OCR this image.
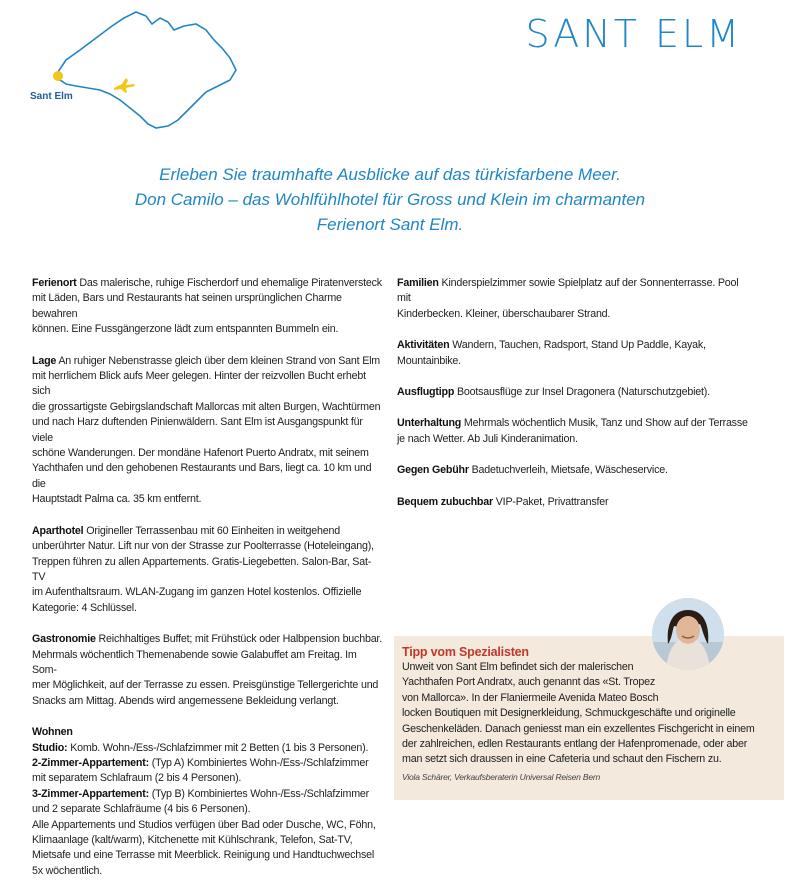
Sant Elm
SANT ELM
Erleben Sie traumhafte Ausblicke auf das türkisfarbene Meer.
Don Camilo – das Wohlfühlhotel für Gross und Klein im charmanten
Ferienort Sant Elm.
Ferienort Das malerische, ruhige Fischerdorf und ehemalige Piratenversteck
mit Läden, Bars und Restaurants hat seinen ursprünglichen Charme bewahren
können. Eine Fussgängerzone lädt zum entspannten Bummeln ein.
Lage An ruhiger Nebenstrasse gleich über dem kleinen Strand von Sant Elm
mit herrlichem Blick aufs Meer gelegen. Hinter der reizvollen Bucht erhebt sich
die grossartigste Gebirgslandschaft Mallorcas mit alten Burgen, Wachtürmen
und nach Harz duftenden Pinienwäldern. Sant Elm ist Ausgangspunkt für viele
schöne Wanderungen. Der mondäne Hafenort Puerto Andratx, mit seinem
Yachthafen und den gehobenen Restaurants und Bars, liegt ca. 10 km und die
Hauptstadt Palma ca. 35 km entfernt.
Aparthotel Origineller Terrassenbau mit 60 Einheiten in weitgehend
unberührter Natur. Lift nur von der Strasse zur Poolterrasse (Hoteleingang),
Treppen führen zu allen Appartements. Gratis-Liegebetten. Salon-Bar, Sat-TV
im Aufenthaltsraum. WLAN-Zugang im ganzen Hotel kostenlos. Offizielle
Kategorie: 4 Schlüssel.
Gastronomie Reichhaltiges Buffet; mit Frühstück oder Halbpension buchbar.
Mehrmals wöchentlich Themenabende sowie Galabuffet am Freitag. Im Som-
mer Möglichkeit, auf der Terrasse zu essen. Preisgünstige Tellergerichte und
Snacks am Mittag. Abends wird angemessene Bekleidung verlangt.
Wohnen
Studio: Komb. Wohn-/Ess-/Schlafzimmer mit 2 Betten (1 bis 3 Personen).
2-Zimmer-Appartement: (Typ A) Kombiniertes Wohn-/Ess-/Schlafzimmer
mit separatem Schlafraum (2 bis 4 Personen).
3-Zimmer-Appartement: (Typ B) Kombiniertes Wohn-/Ess-/Schlafzimmer
und 2 separate Schlafräume (4 bis 6 Personen).
Alle Appartements und Studios verfügen über Bad oder Dusche, WC, Föhn,
Klimaanlage (kalt/warm), Kitchenette mit Kühlschrank, Telefon, Sat-TV,
Mietsafe und eine Terrasse mit Meerblick. Reinigung und Handtuchwechsel
5x wöchentlich.
Familien Kinderspielzimmer sowie Spielplatz auf der Sonnenterrasse. Pool mit
Kinderbecken. Kleiner, überschaubarer Strand.
Aktivitäten Wandern, Tauchen, Radsport, Stand Up Paddle, Kayak,
Mountainbike.
Ausflugtipp Bootsausflüge zur Insel Dragonera (Naturschutzgebiet).
Unterhaltung Mehrmals wöchentlich Musik, Tanz und Show auf der Terrasse
je nach Wetter. Ab Juli Kinderanimation.
Gegen Gebühr Badetuchverleih, Mietsafe, Wäscheservice.
Bequem zubuchbar VIP-Paket, Privattransfer
Tipp vom Spezialisten
Unweit von Sant Elm befindet sich der malerischen
Yachthafen Port Andratx, auch genannt das «St. Tropez
von Mallorca». In der Flaniermeile Avenida Mateo Bosch
locken Boutiquen mit Designerkleidung, Schmuckgeschäfte und originelle
Geschenkeläden. Danach geniesst man ein exzellentes Fischgericht in einem
der zahlreichen, edlen Restaurants entlang der Hafenpromenade, oder aber
man setzt sich draussen in eine Cafeteria und schaut den Fischern zu.
Viola Schärer, Verkaufsberaterin Universal Reisen Bern
